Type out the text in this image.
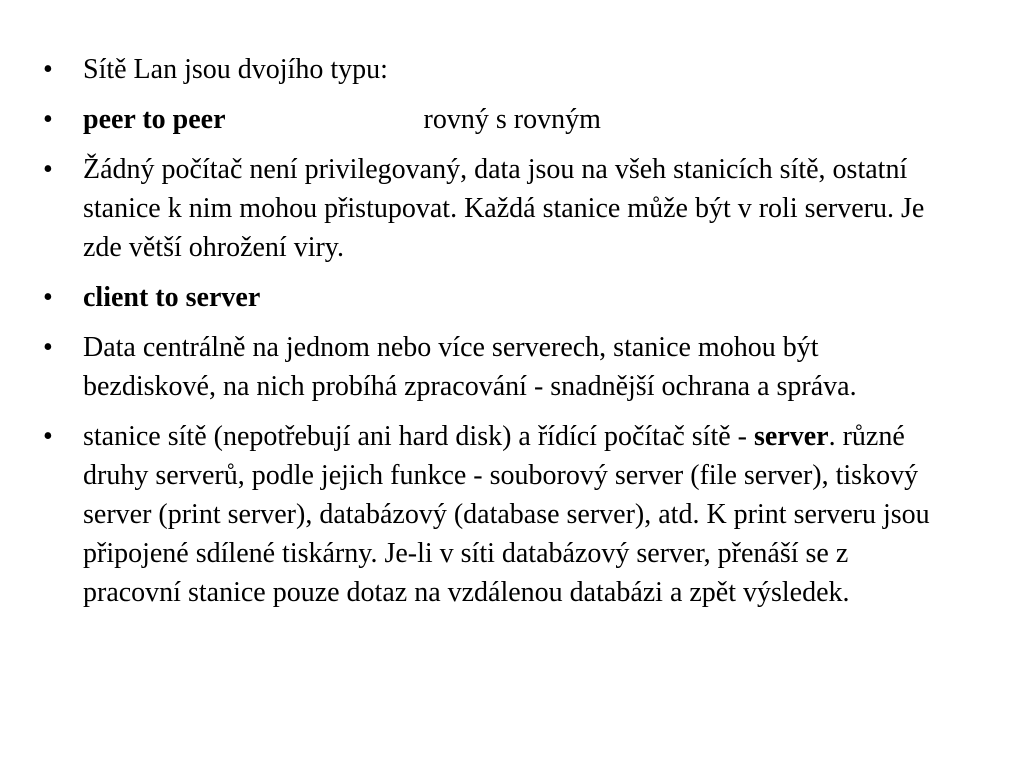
•	Sítě Lan jsou dvojího typu:
•	peer to peer	rovný s rovným
•	Žádný počítač není privilegovaný, data jsou na všeh stanicích sítě, ostatní stanice k nim mohou přistupovat. Každá stanice může být v roli serveru. Je zde větší ohrožení viry.
•	client to server
•	Data centrálně na jednom nebo více serverech, stanice mohou být bezdiskové, na nich probíhá zpracování - snadnější ochrana a správa.
•	stanice sítě (nepotřebují ani hard disk) a řídící počítač sítě - server. různé druhy serverů, podle jejich funkce - souborový server (file server), tiskový server (print server), databázový (database server), atd. K print serveru jsou připojené sdílené tiskárny. Je-li v síti databázový server, přenáší se z pracovní stanice pouze dotaz na vzdálenou databázi a zpět výsledek.
